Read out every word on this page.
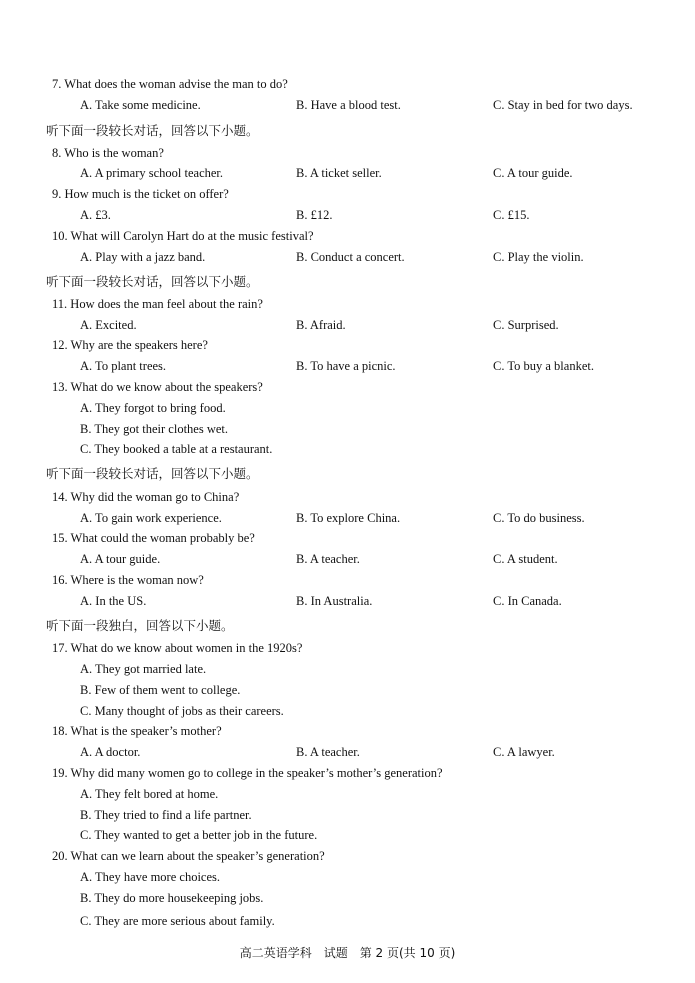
7. What does the woman advise the man to do?
A. Take some medicine.	B. Have a blood test.	C. Stay in bed for two days.
听下面一段较长对话，回答以下小题。
8. Who is the woman?
A. A primary school teacher.	B. A ticket seller.	C. A tour guide.
9. How much is the ticket on offer?
A. £3.	B. £12.	C. £15.
10. What will Carolyn Hart do at the music festival?
A. Play with a jazz band.	B. Conduct a concert.	C. Play the violin.
听下面一段较长对话，回答以下小题。
11. How does the man feel about the rain?
A. Excited.	B. Afraid.	C. Surprised.
12. Why are the speakers here?
A. To plant trees.	B. To have a picnic.	C. To buy a blanket.
13. What do we know about the speakers?
A. They forgot to bring food.
B. They got their clothes wet.
C. They booked a table at a restaurant.
听下面一段较长对话，回答以下小题。
14. Why did the woman go to China?
A. To gain work experience.	B. To explore China.	C. To do business.
15. What could the woman probably be?
A. A tour guide.	B. A teacher.	C. A student.
16. Where is the woman now?
A. In the US.	B. In Australia.	C. In Canada.
听下面一段独白，回答以下小题。
17. What do we know about women in the 1920s?
A. They got married late.
B. Few of them went to college.
C. Many thought of jobs as their careers.
18. What is the speaker’s mother?
A. A doctor.	B. A teacher.	C. A lawyer.
19. Why did many women go to college in the speaker’s mother’s generation?
A. They felt bored at home.
B. They tried to find a life partner.
C. They wanted to get a better job in the future.
20. What can we learn about the speaker’s generation?
A. They have more choices.
B. They do more housekeeping jobs.
C. They are more serious about family.
高二英语学科　试题　第 2 页(共 10 页)
